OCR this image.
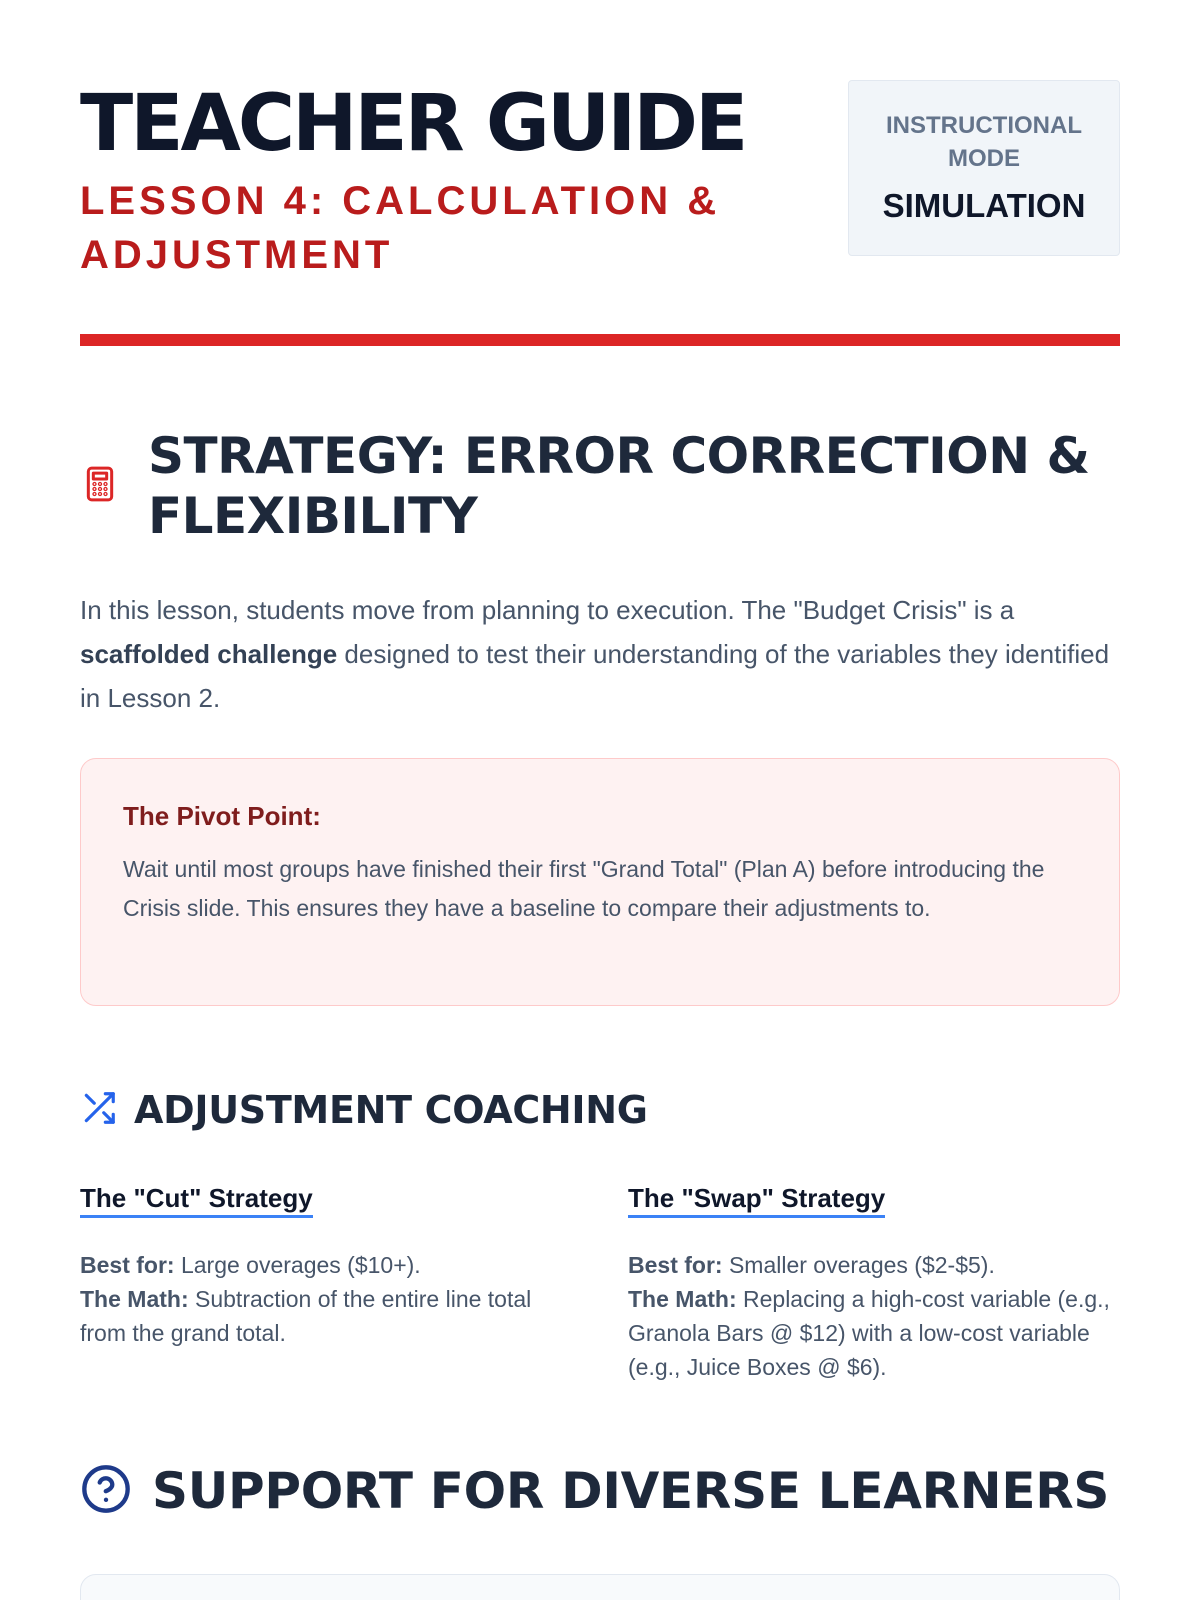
TEACHER GUIDE
LESSON 4: CALCULATION & ADJUSTMENT
INSTRUCTIONAL MODE
SIMULATION
STRATEGY: ERROR CORRECTION & FLEXIBILITY

In this lesson, students move from planning to execution. The "Budget Crisis" is a scaffolded challenge designed to test their understanding of the variables they identified in Lesson 2.

The Pivot Point:
Wait until most groups have finished their first "Grand Total" (Plan A) before introducing the Crisis slide. This ensures they have a baseline to compare their adjustments to.
ADJUSTMENT COACHING
The "Cut" Strategy
Best for: Large overages ($10+).
The Math: Subtraction of the entire line total from the grand total.
The "Swap" Strategy
Best for: Smaller overages ($2-$5).
The Math: Replacing a high-cost variable (e.g., Granola Bars @ $12) with a low-cost variable (e.g., Juice Boxes @ $6).
SUPPORT FOR DIVERSE LEARNERS
